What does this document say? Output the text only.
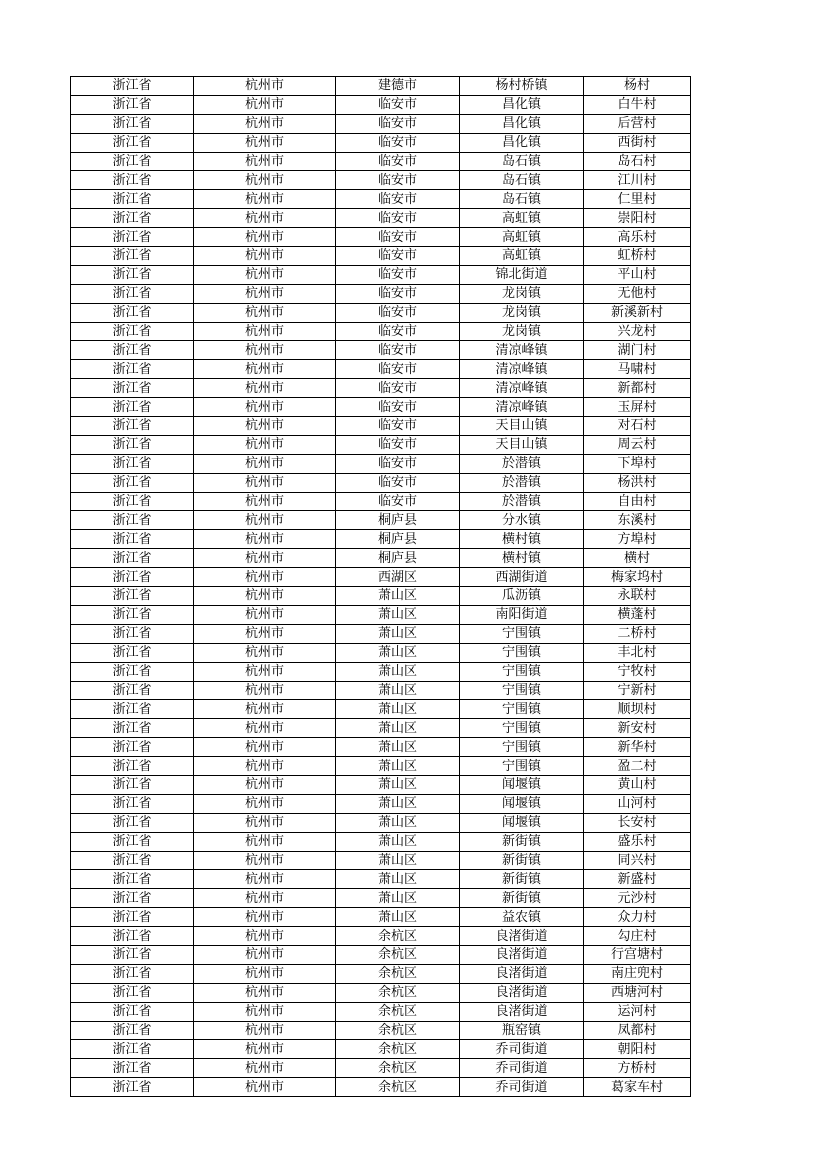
浙江省	杭州市	建德市	杨村桥镇	杨村
浙江省	杭州市	临安市	昌化镇	白牛村
浙江省	杭州市	临安市	昌化镇	后营村
浙江省	杭州市	临安市	昌化镇	西街村
浙江省	杭州市	临安市	岛石镇	岛石村
浙江省	杭州市	临安市	岛石镇	江川村
浙江省	杭州市	临安市	岛石镇	仁里村
浙江省	杭州市	临安市	高虹镇	崇阳村
浙江省	杭州市	临安市	高虹镇	高乐村
浙江省	杭州市	临安市	高虹镇	虹桥村
浙江省	杭州市	临安市	锦北街道	平山村
浙江省	杭州市	临安市	龙岗镇	无他村
浙江省	杭州市	临安市	龙岗镇	新溪新村
浙江省	杭州市	临安市	龙岗镇	兴龙村
浙江省	杭州市	临安市	清凉峰镇	湖门村
浙江省	杭州市	临安市	清凉峰镇	马啸村
浙江省	杭州市	临安市	清凉峰镇	新都村
浙江省	杭州市	临安市	清凉峰镇	玉屏村
浙江省	杭州市	临安市	天目山镇	对石村
浙江省	杭州市	临安市	天目山镇	周云村
浙江省	杭州市	临安市	於潜镇	下埠村
浙江省	杭州市	临安市	於潜镇	杨洪村
浙江省	杭州市	临安市	於潜镇	自由村
浙江省	杭州市	桐庐县	分水镇	东溪村
浙江省	杭州市	桐庐县	横村镇	方埠村
浙江省	杭州市	桐庐县	横村镇	横村
浙江省	杭州市	西湖区	西湖街道	梅家坞村
浙江省	杭州市	萧山区	瓜沥镇	永联村
浙江省	杭州市	萧山区	南阳街道	横蓬村
浙江省	杭州市	萧山区	宁围镇	二桥村
浙江省	杭州市	萧山区	宁围镇	丰北村
浙江省	杭州市	萧山区	宁围镇	宁牧村
浙江省	杭州市	萧山区	宁围镇	宁新村
浙江省	杭州市	萧山区	宁围镇	顺坝村
浙江省	杭州市	萧山区	宁围镇	新安村
浙江省	杭州市	萧山区	宁围镇	新华村
浙江省	杭州市	萧山区	宁围镇	盈二村
浙江省	杭州市	萧山区	闻堰镇	黄山村
浙江省	杭州市	萧山区	闻堰镇	山河村
浙江省	杭州市	萧山区	闻堰镇	长安村
浙江省	杭州市	萧山区	新街镇	盛乐村
浙江省	杭州市	萧山区	新街镇	同兴村
浙江省	杭州市	萧山区	新街镇	新盛村
浙江省	杭州市	萧山区	新街镇	元沙村
浙江省	杭州市	萧山区	益农镇	众力村
浙江省	杭州市	余杭区	良渚街道	勾庄村
浙江省	杭州市	余杭区	良渚街道	行宫塘村
浙江省	杭州市	余杭区	良渚街道	南庄兜村
浙江省	杭州市	余杭区	良渚街道	西塘河村
浙江省	杭州市	余杭区	良渚街道	运河村
浙江省	杭州市	余杭区	瓶窑镇	凤都村
浙江省	杭州市	余杭区	乔司街道	朝阳村
浙江省	杭州市	余杭区	乔司街道	方桥村
浙江省	杭州市	余杭区	乔司街道	葛家车村
